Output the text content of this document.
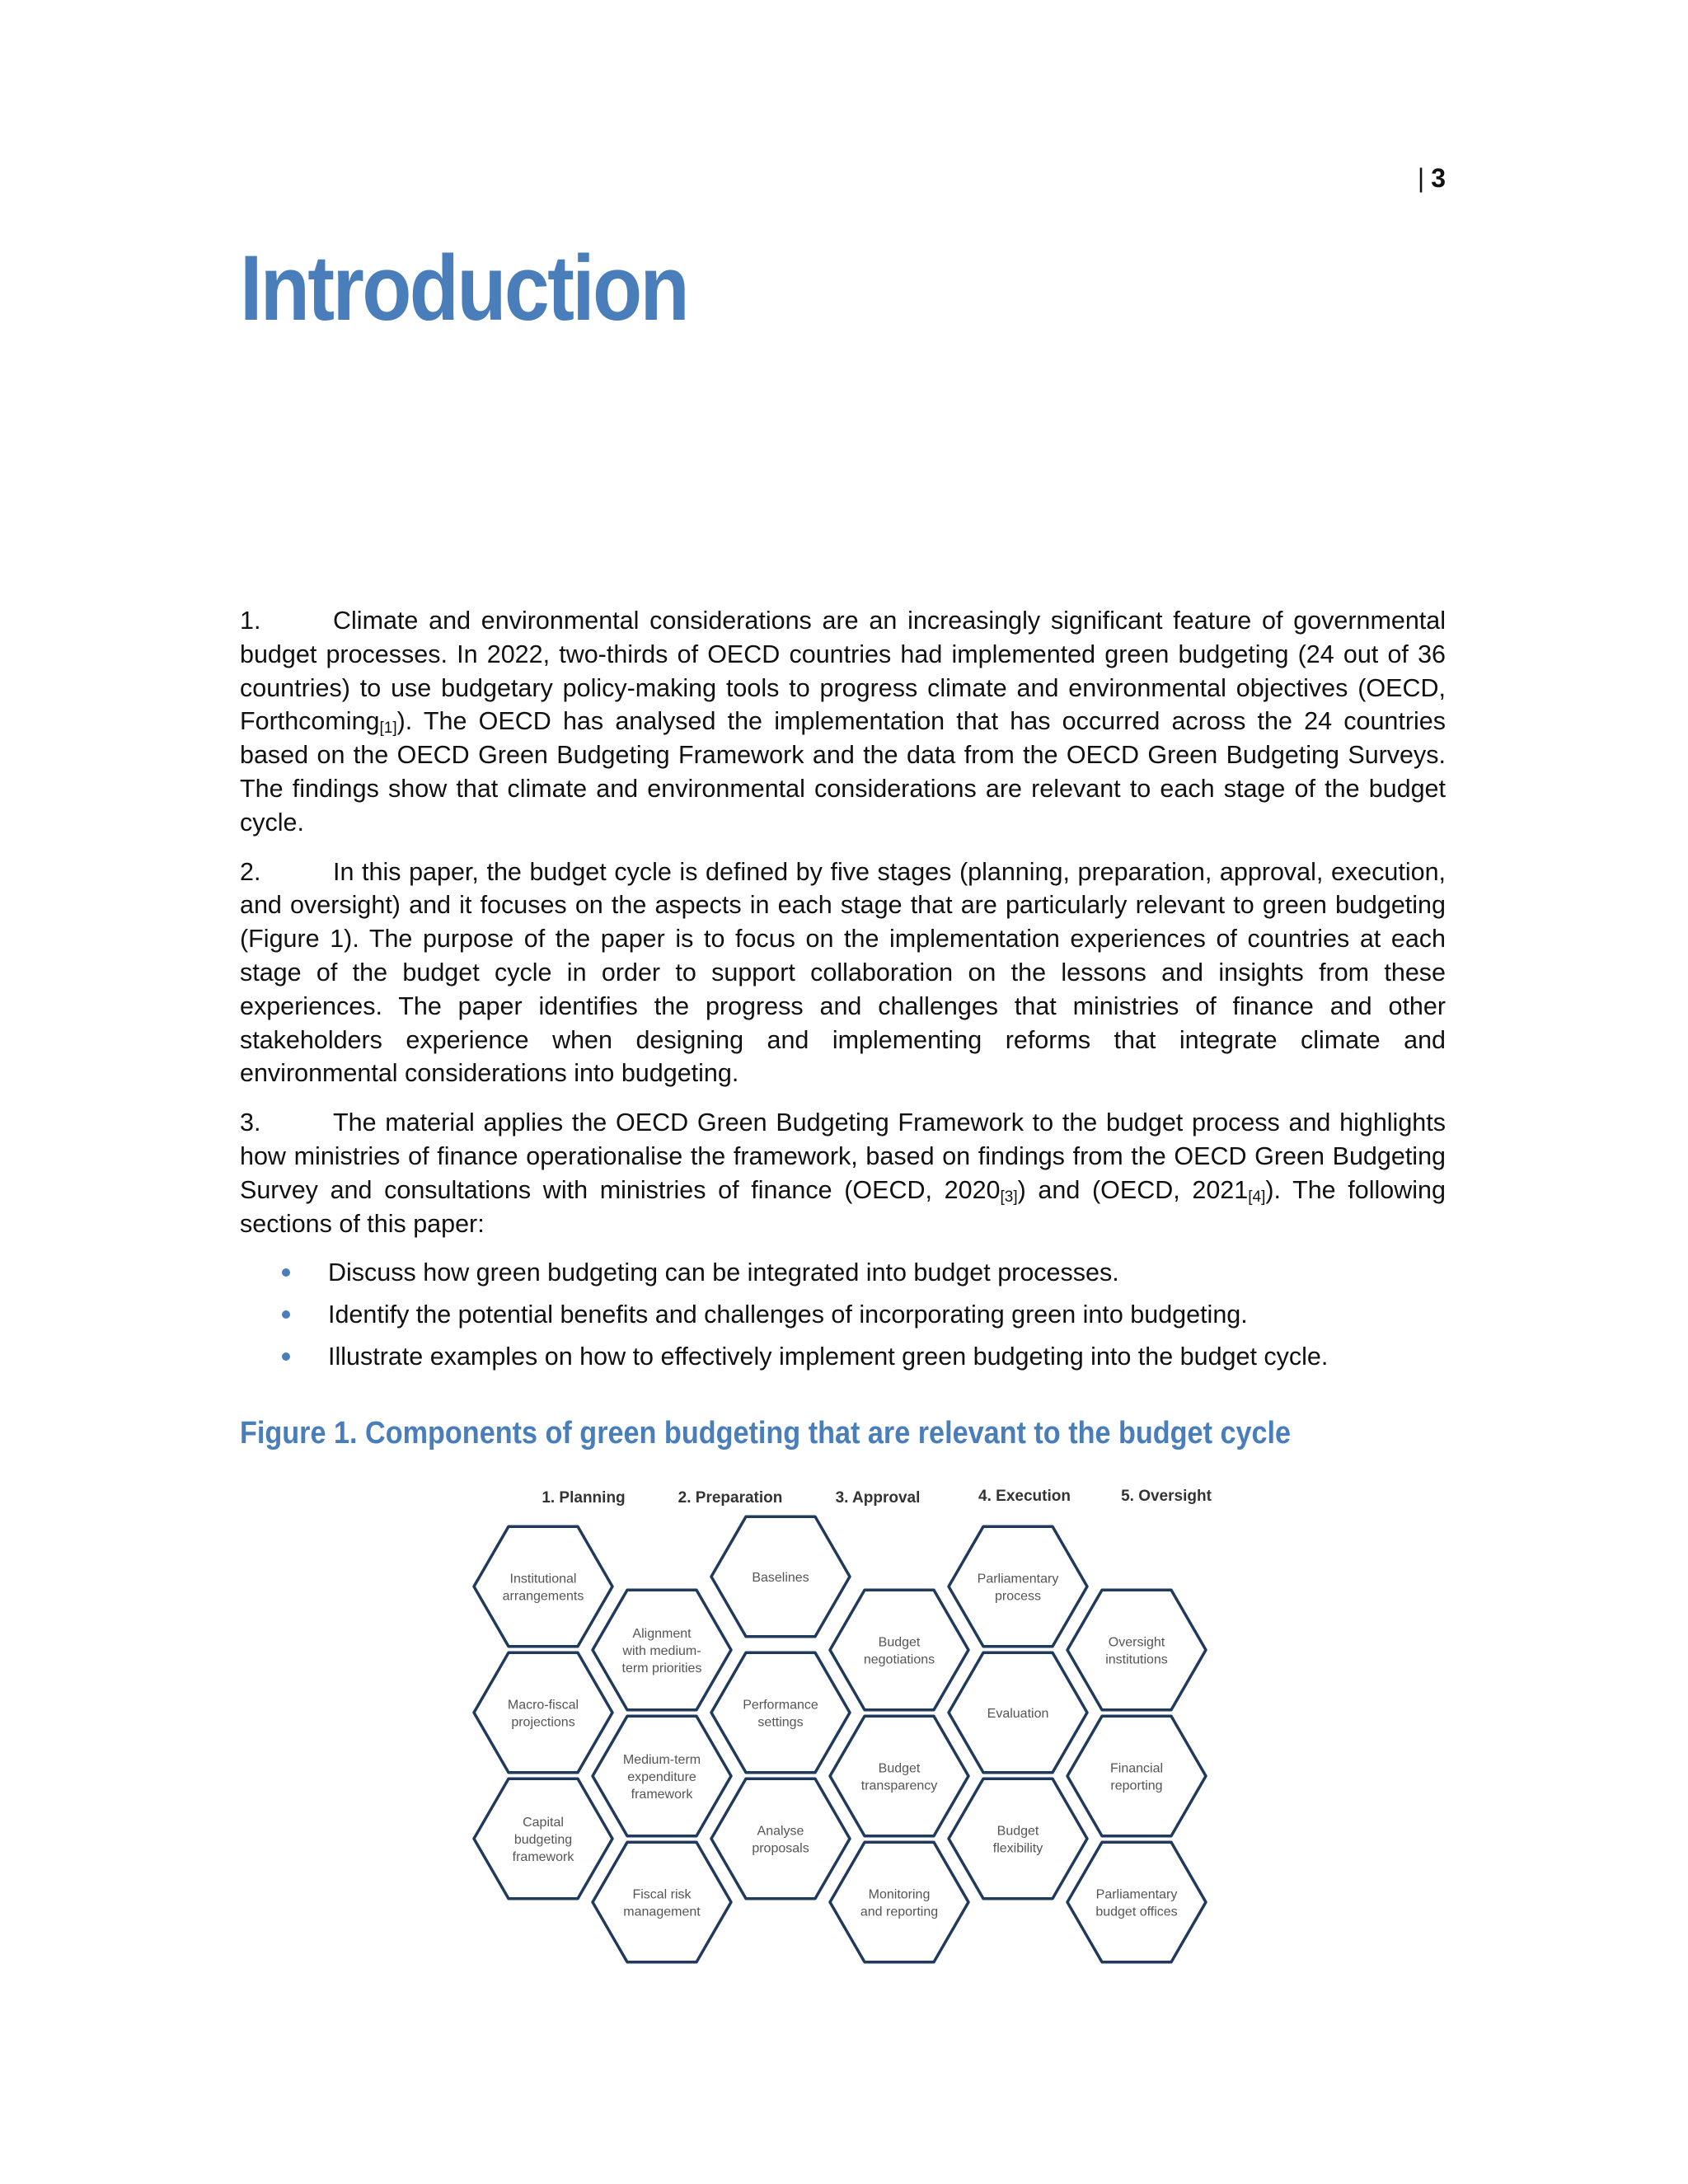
| 3
Introduction

1.	Climate and environmental considerations are an increasingly significant feature of governmental budget processes. In 2022, two-thirds of OECD countries had implemented green budgeting (24 out of 36 countries) to use budgetary policy-making tools to progress climate and environmental objectives (OECD, Forthcoming$_{[1]}$). The OECD has analysed the implementation that has occurred across the 24 countries based on the OECD Green Budgeting Framework and the data from the OECD Green Budgeting Surveys. The findings show that climate and environmental considerations are relevant to each stage of the budget cycle.

2.	In this paper, the budget cycle is defined by five stages (planning, preparation, approval, execution, and oversight) and it focuses on the aspects in each stage that are particularly relevant to green budgeting (Figure 1). The purpose of the paper is to focus on the implementation experiences of countries at each stage of the budget cycle in order to support collaboration on the lessons and insights from these experiences. The paper identifies the progress and challenges that ministries of finance and other stakeholders experience when designing and implementing reforms that integrate climate and environmental considerations into budgeting.

3.	The material applies the OECD Green Budgeting Framework to the budget process and highlights how ministries of finance operationalise the framework, based on findings from the OECD Green Budgeting Survey and consultations with ministries of finance (OECD, $2020_{[3]}$) and (OECD, $2021_{[4]}$). The following sections of this paper:

Discuss how green budgeting can be integrated into budget processes.
Identify the potential benefits and challenges of incorporating green into budgeting.
Illustrate examples on how to effectively implement green budgeting into the budget cycle.
Figure 1. Components of green budgeting that are relevant to the budget cycle
1. Planning	2. Preparation	3. Approval	4. Execution	5. Oversight
Institutional arrangements
Macro-fiscal projections
Capital budgeting framework
Alignment with medium-term priorities
Medium-term expenditure framework
Fiscal risk management
Baselines
Performance settings
Analyse proposals
Budget negotiations
Budget transparency
Monitoring and reporting
Parliamentary process
Evaluation
Budget flexibility
Oversight institutions
Financial reporting
Parliamentary budget offices
